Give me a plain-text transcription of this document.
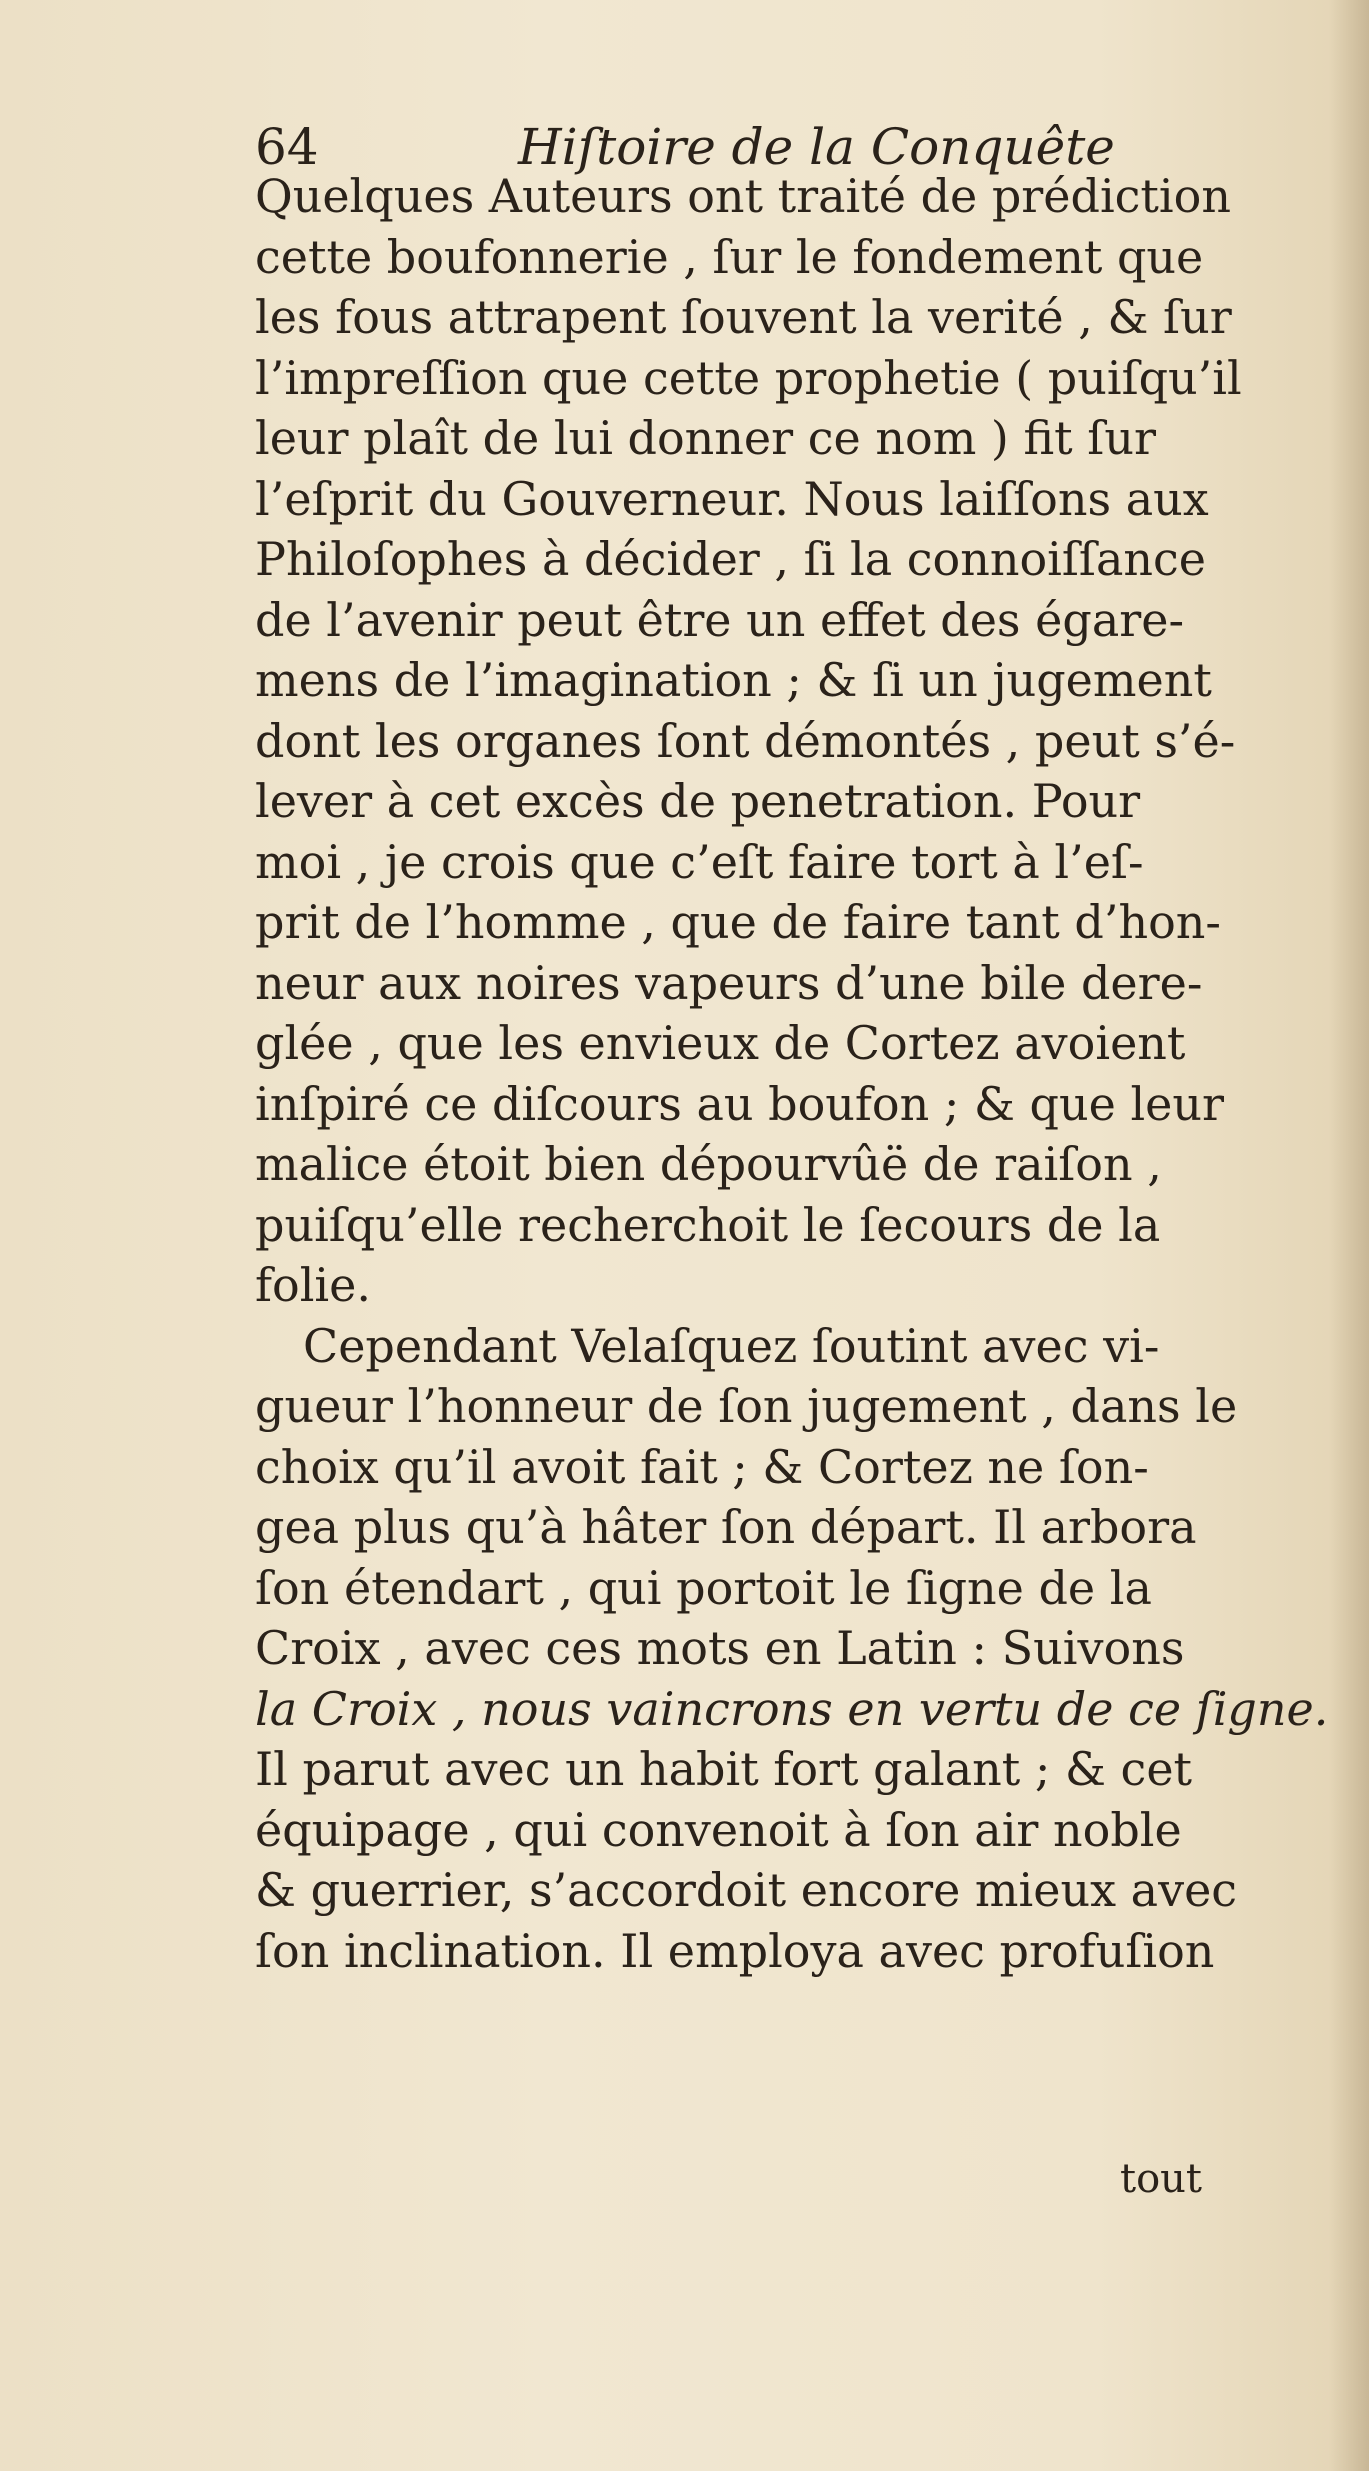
64	Hiſtoire de la Conquête
Quelques Auteurs ont traité de prédiction
cette boufonnerie , ſur le fondement que
les fous attrapent ſouvent la verité , & ſur
l’impreſſion que cette prophetie ( puiſqu’il
leur plaît de lui donner ce nom ) fit ſur
l’eſprit du Gouverneur. Nous laiſſons aux
Philoſophes à décider , ſi la connoiſſance
de l’avenir peut être un effet des égare-
mens de l’imagination ; & ſi un jugement
dont les organes ſont démontés , peut s’é-
lever à cet excès de penetration. Pour
moi , je crois que c’eſt faire tort à l’eſ-
prit de l’homme , que de faire tant d’hon-
neur aux noires vapeurs d’une bile dere-
glée , que les envieux de Cortez avoient
inſpiré ce diſcours au boufon ; & que leur
malice étoit bien dépourvûë de raiſon ,
puiſqu’elle recherchoit le ſecours de la
folie.
Cependant Velaſquez ſoutint avec vi-
gueur l’honneur de ſon jugement , dans le
choix qu’il avoit fait ; & Cortez ne ſon-
gea plus qu’à hâter ſon départ. Il arbora
ſon étendart , qui portoit le ſigne de la
Croix , avec ces mots en Latin : Suivons
la Croix , nous vaincrons en vertu de ce ſigne.
Il parut avec un habit fort galant ; & cet
équipage , qui convenoit à ſon air noble
& guerrier, s’accordoit encore mieux avec
ſon inclination. Il employa avec profuſion
tout
